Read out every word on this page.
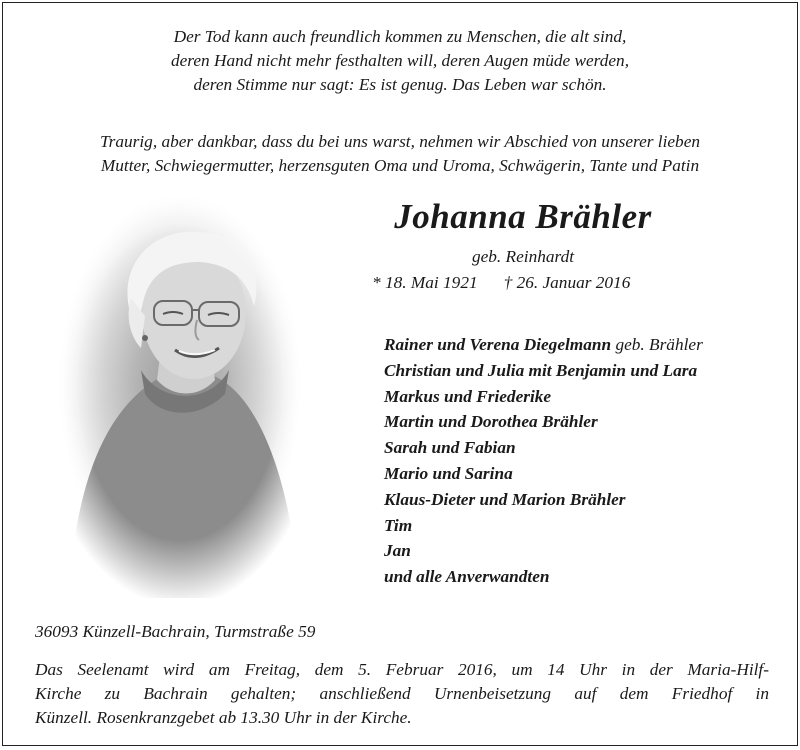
Der Tod kann auch freundlich kommen zu Menschen, die alt sind,
deren Hand nicht mehr festhalten will, deren Augen müde werden,
deren Stimme nur sagt: Es ist genug. Das Leben war schön.
Traurig, aber dankbar, dass du bei uns warst, nehmen wir Abschied von unserer lieben
Mutter, Schwiegermutter, herzensguten Oma und Uroma, Schwägerin, Tante und Patin
Johanna Brähler
geb. Reinhardt
* 18. Mai 1921 † 26. Januar 2016
Rainer und Verena Diegelmann geb. Brähler
Christian und Julia mit Benjamin und Lara
Markus und Friederike
Martin und Dorothea Brähler
Sarah und Fabian
Mario und Sarina
Klaus-Dieter und Marion Brähler
Tim
Jan
und alle Anverwandten
36093 Künzell-Bachrain, Turmstraße 59
Das Seelenamt wird am Freitag, dem 5. Februar 2016, um 14 Uhr in der Maria-Hilf-
Kirche zu Bachrain gehalten; anschließend Urnenbeisetzung auf dem Friedhof in
Künzell. Rosenkranzgebet ab 13.30 Uhr in der Kirche.
